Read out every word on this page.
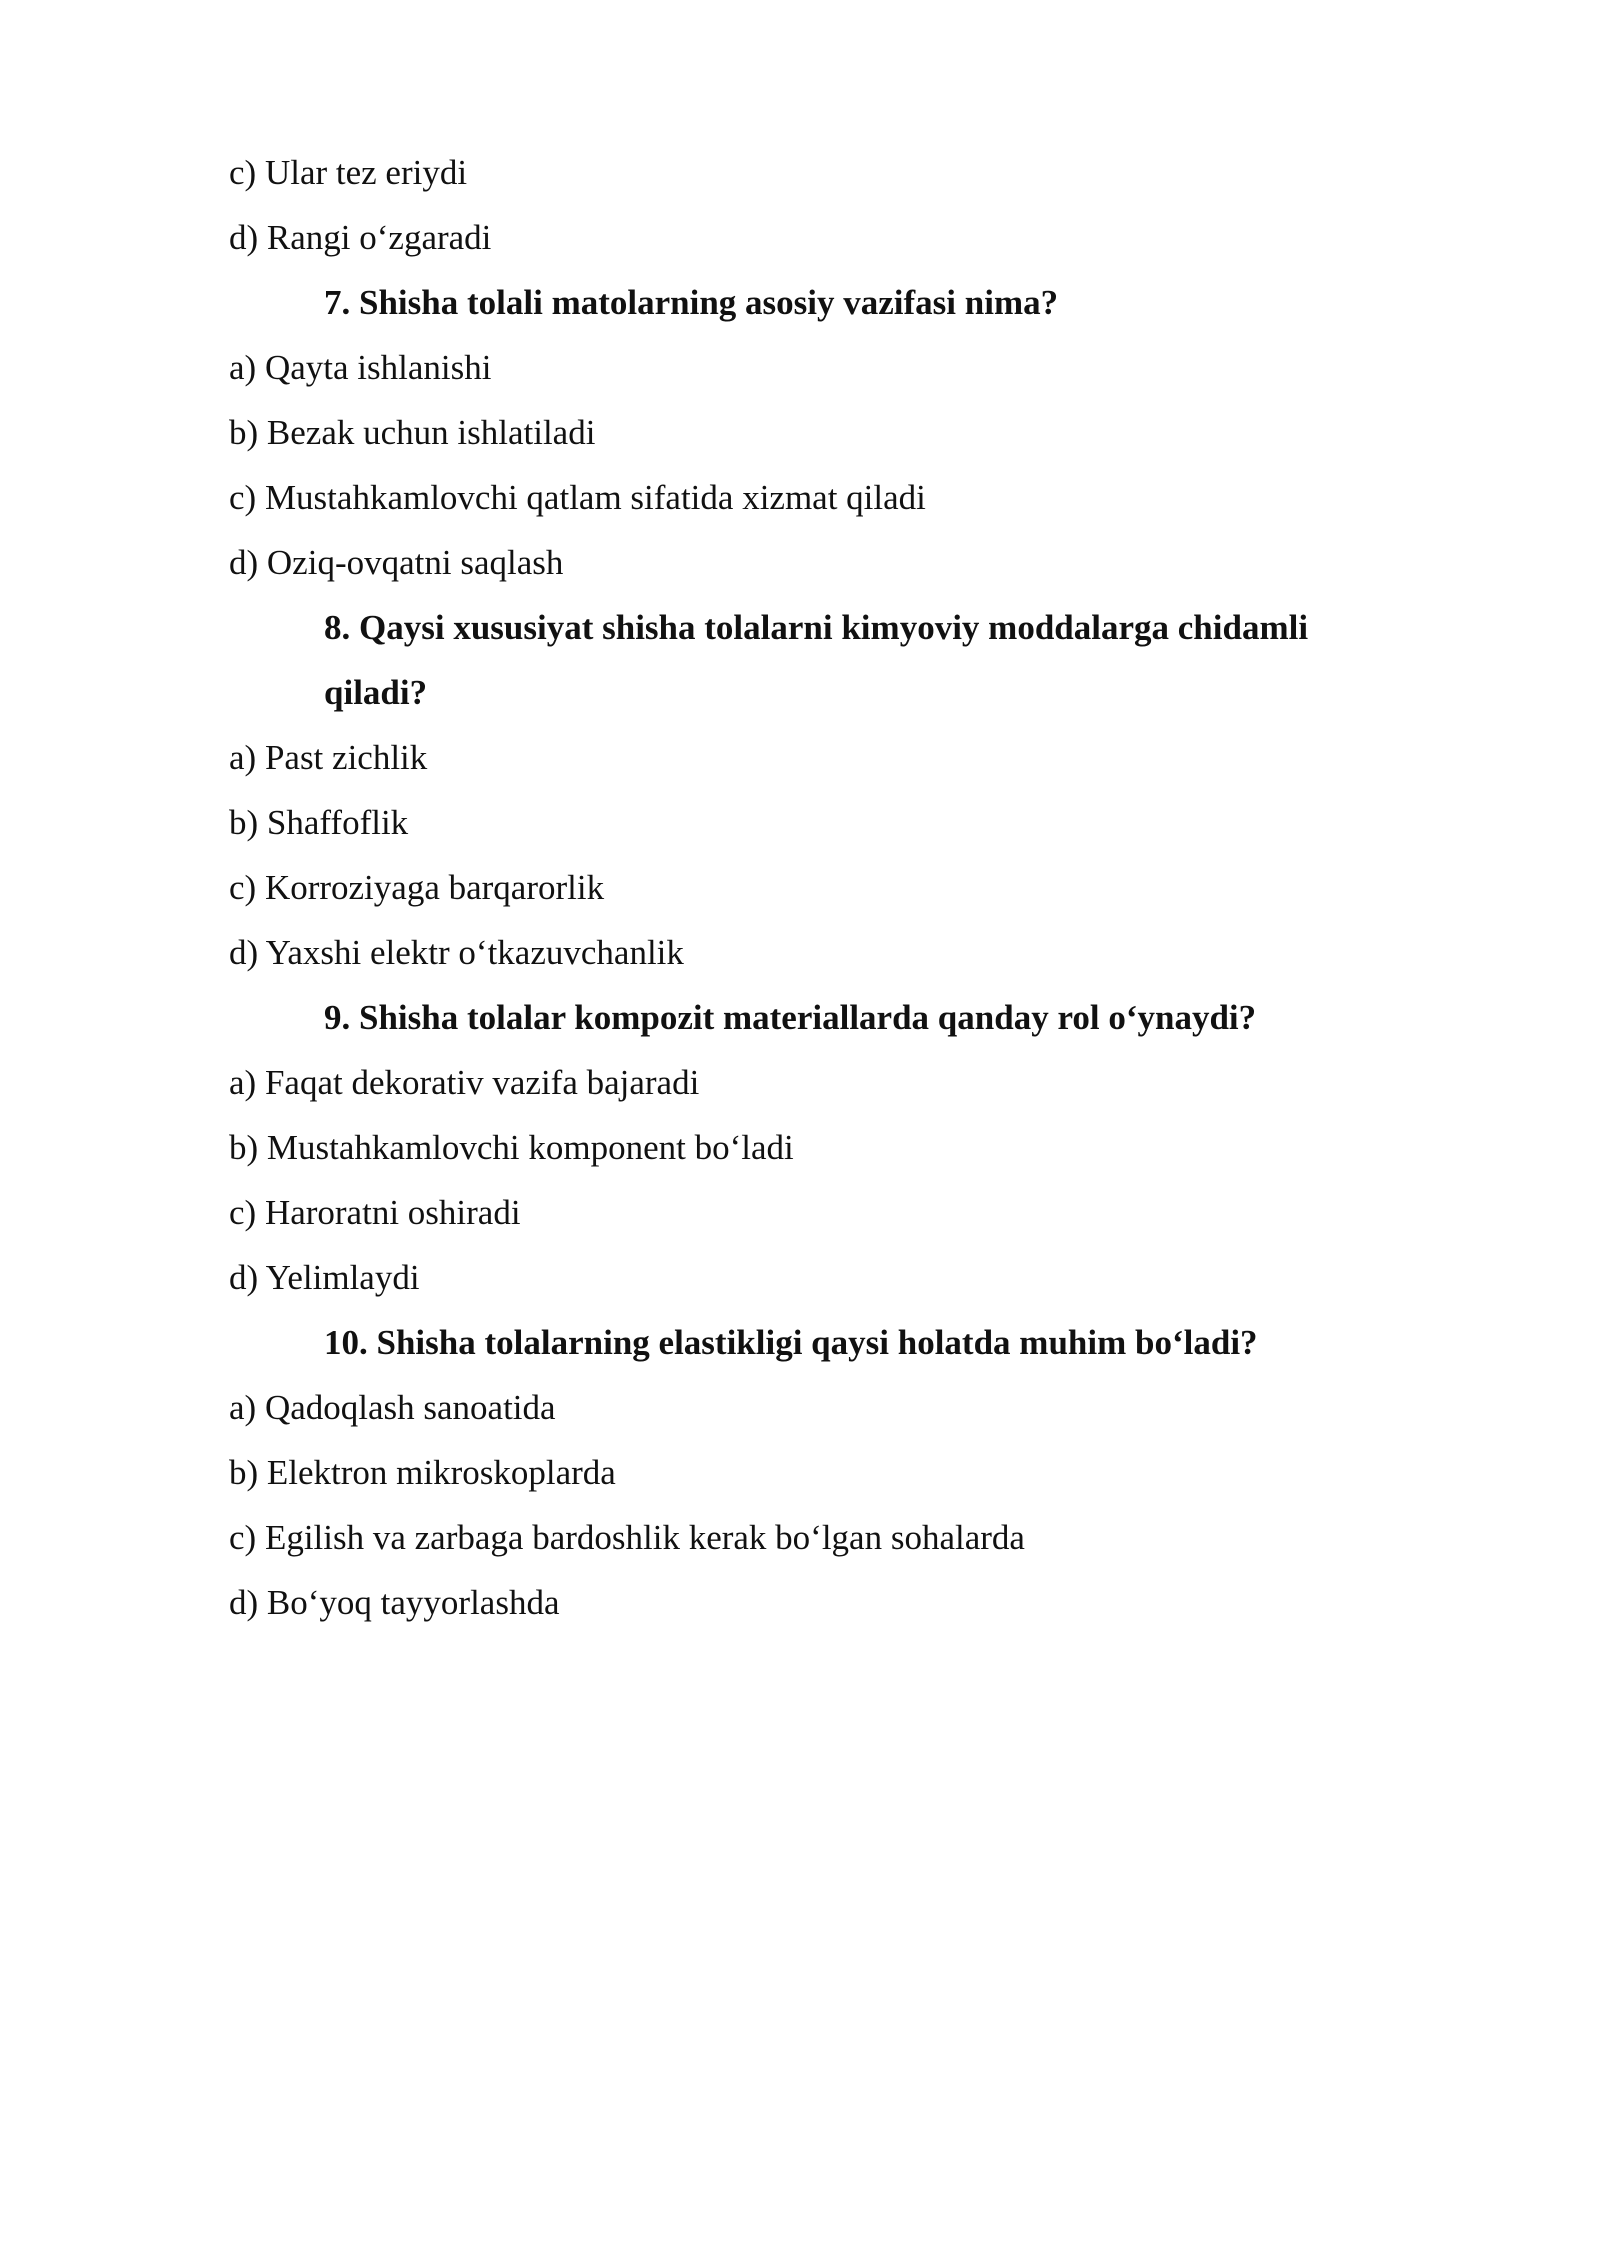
c) Ular tez eriydi
d) Rangi o‘zgaradi
7. Shisha tolali matolarning asosiy vazifasi nima?
a) Qayta ishlanishi
b) Bezak uchun ishlatiladi
c) Mustahkamlovchi qatlam sifatida xizmat qiladi
d) Oziq-ovqatni saqlash
8. Qaysi xususiyat shisha tolalarni kimyoviy moddalarga chidamli qiladi?
a) Past zichlik
b) Shaffoflik
c) Korroziyaga barqarorlik
d) Yaxshi elektr o‘tkazuvchanlik
9. Shisha tolalar kompozit materiallarda qanday rol o‘ynaydi?
a) Faqat dekorativ vazifa bajaradi
b) Mustahkamlovchi komponent bo‘ladi
c) Haroratni oshiradi
d) Yelimlaydi
10. Shisha tolalarning elastikligi qaysi holatda muhim bo‘ladi?
a) Qadoqlash sanoatida
b) Elektron mikroskoplarda
c) Egilish va zarbaga bardoshlik kerak bo‘lgan sohalarda
d) Bo‘yoq tayyorlashda
